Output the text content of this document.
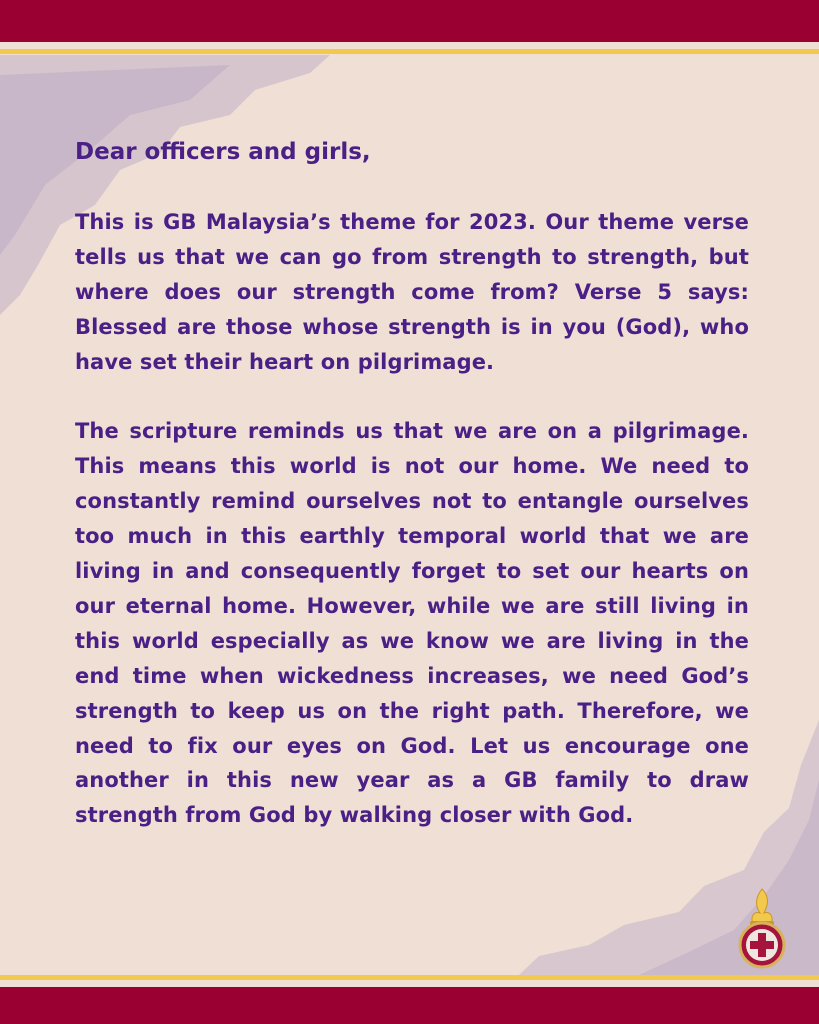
Dear officers and girls,

This is GB Malaysia’s theme for 2023. Our theme verse tells us that we can go from strength to strength, but where does our strength come from? Verse 5 says: Blessed are those whose strength is in you (God), who have set their heart on pilgrimage.

The scripture reminds us that we are on a pilgrimage. This means this world is not our home. We need to constantly remind ourselves not to entangle ourselves too much in this earthly temporal world that we are living in and consequently forget to set our hearts on our eternal home. However, while we are still living in this world especially as we know we are living in the end time when wickedness increases, we need God’s strength to keep us on the right path. Therefore, we need to fix our eyes on God. Let us encourage one another in this new year as a GB family to draw strength from God by walking closer with God.
